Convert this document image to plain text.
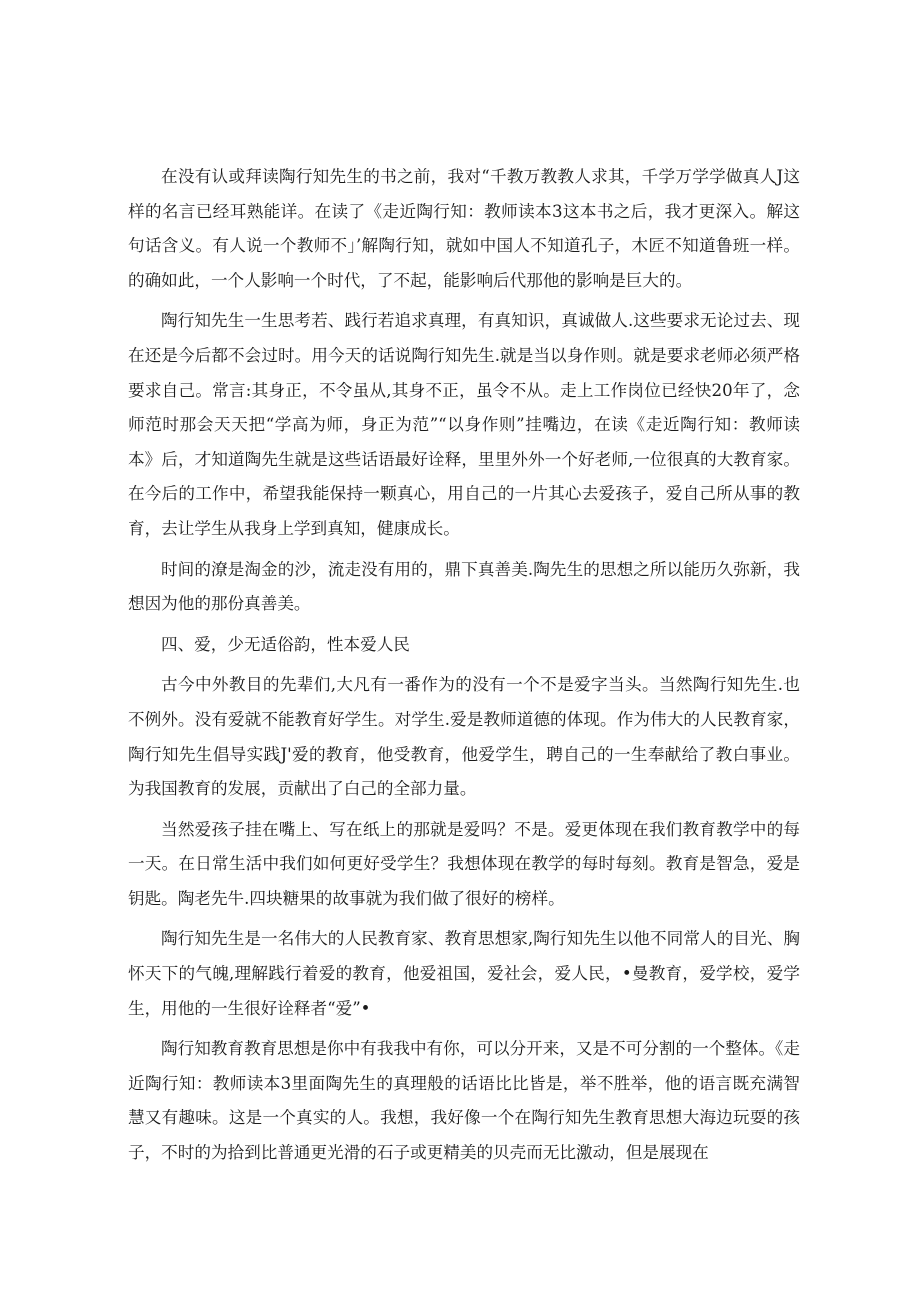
在没有认或拜读陶行知先生的书之前，我对“千教万教教人求其，千学万学学做真人J这样的名言已经耳熟能详。在读了《走近陶行知：教师读本3这本书之后，我才更深入。解这句话含义。有人说一个教师不｣’解陶行知，就如中国人不知道孔子，木匠不知道鲁班一样。的确如此，一个人影响一个时代，了不起，能影响后代那他的影响是巨大的。

陶行知先生一生思考若、践行若追求真理，有真知识，真诚做人.这些要求无论过去、现在还是今后都不会过时。用今天的话说陶行知先生.就是当以身作则。就是要求老师必须严格要求自己。常言:其身正，不令虽从,其身不正，虽令不从。走上工作岗位已经快20年了，念师范时那会天天把“学高为师，身正为范”“以身作则”挂嘴边，在读《走近陶行知：教师读本》后，才知道陶先生就是这些话语最好诠释，里里外外一个好老师,一位很真的大教育家。在今后的工作中，希望我能保持一颗真心，用自己的一片其心去爱孩子，爱自己所从事的教育，去让学生从我身上学到真知，健康成长。

时间的潦是淘金的沙，流走没有用的，鼎下真善美.陶先生的思想之所以能历久弥新，我想因为他的那份真善美。

四、爱，少无适俗韵，性本爱人民

古今中外教目的先辈们,大凡有一番作为的没有一个不是爱字当头。当然陶行知先生.也不例外。没有爱就不能教育好学生。对学生.爱是教师道德的体现。作为伟大的人民教育家，陶行知先生倡导实践J'爱的教育，他受教育，他爱学生，聘自己的一生奉献给了教白事业。为我国教育的发展，贡献出了白己的全部力量。

当然爱孩子挂在嘴上、写在纸上的那就是爱吗？不是。爱更体现在我们教育教学中的每一天。在日常生活中我们如何更好受学生？我想体现在教学的每时每刻。教育是智急，爱是钥匙。陶老先牛.四块糖果的故事就为我们做了很好的榜样。

陶行知先生是一名伟大的人民教育家、教育思想家,陶行知先生以他不同常人的目光、胸怀天下的气魄,理解践行着爱的教育，他爱祖国，爱社会，爱人民，•曼教育，爱学校，爱学生，用他的一生很好诠释者“爱”•

陶行知教育教育思想是你中有我我中有你，可以分开来，又是不可分割的一个整体。《走近陶行知：教师读本3里面陶先生的真理般的话语比比皆是，举不胜举，他的语言既充满智慧又有趣味。这是一个真实的人。我想，我好像一个在陶行知先生教育思想大海边玩耍的孩子，不时的为拾到比普通更光滑的石子或更精美的贝壳而无比激动，但是展现在
